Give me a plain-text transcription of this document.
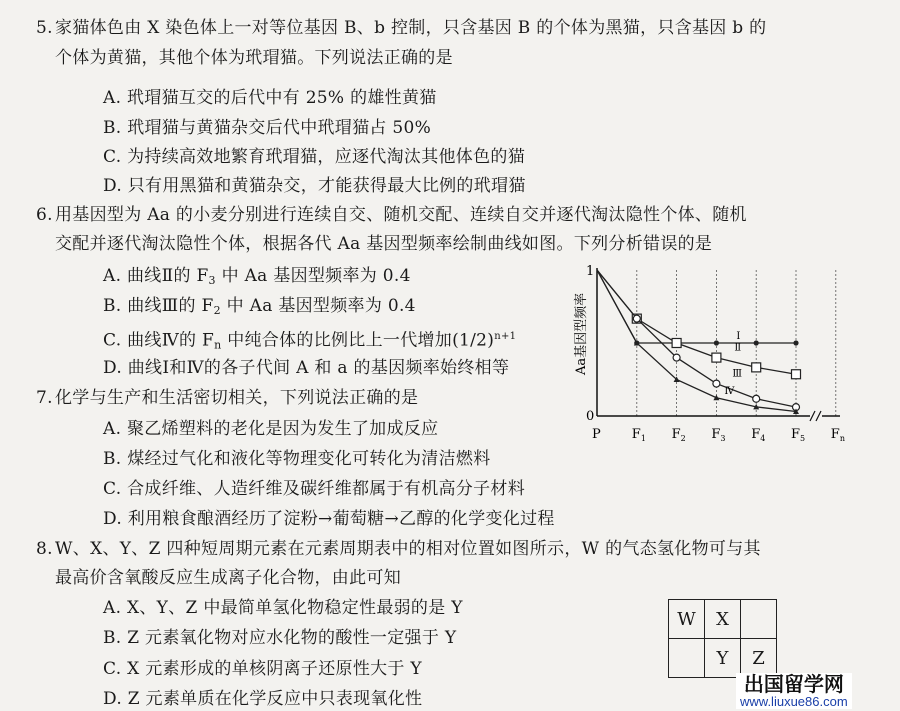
5. 家猫体色由 X 染色体上一对等位基因 B、b 控制，只含基因 B 的个体为黑猫，只含基因 b 的
个体为黄猫，其他个体为玳瑁猫。下列说法正确的是
A. 玳瑁猫互交的后代中有 25% 的雄性黄猫
B. 玳瑁猫与黄猫杂交后代中玳瑁猫占 50%
C. 为持续高效地繁育玳瑁猫，应逐代淘汰其他体色的猫
D. 只有用黑猫和黄猫杂交，才能获得最大比例的玳瑁猫
6. 用基因型为 Aa 的小麦分别进行连续自交、随机交配、连续自交并逐代淘汰隐性个体、随机
交配并逐代淘汰隐性个体，根据各代 Aa 基因型频率绘制曲线如图。下列分析错误的是
A. 曲线Ⅱ的 $F_3$ 中 Aa 基因型频率为 0.4
B. 曲线Ⅲ的 $F_2$ 中 Aa 基因型频率为 0.4
C. 曲线Ⅳ的 $F_n$ 中纯合体的比例比上一代增加$(1/2)^{n+1}$
D. 曲线Ⅰ和Ⅳ的各子代间 A 和 a 的基因频率始终相等
1
0
Aa基因型频率
P $F_1$ $F_2$ $F_3$ $F_4$ $F_5$ $F_n$
Ⅰ
Ⅱ
Ⅲ
Ⅳ
7. 化学与生产和生活密切相关，下列说法正确的是
A. 聚乙烯塑料的老化是因为发生了加成反应
B. 煤经过气化和液化等物理变化可转化为清洁燃料
C. 合成纤维、人造纤维及碳纤维都属于有机高分子材料
D. 利用粮食酿酒经历了淀粉→葡萄糖→乙醇的化学变化过程
8. W、X、Y、Z 四种短周期元素在元素周期表中的相对位置如图所示，W 的气态氢化物可与其
最高价含氧酸反应生成离子化合物，由此可知
A. X、Y、Z 中最简单氢化物稳定性最弱的是 Y
B. Z 元素氧化物对应水化物的酸性一定强于 Y
C. X 元素形成的单核阴离子还原性大于 Y
D. Z 元素单质在化学反应中只表现氧化性
W	X	
	Y	Z
出国留学网
www.liuxue86.com
